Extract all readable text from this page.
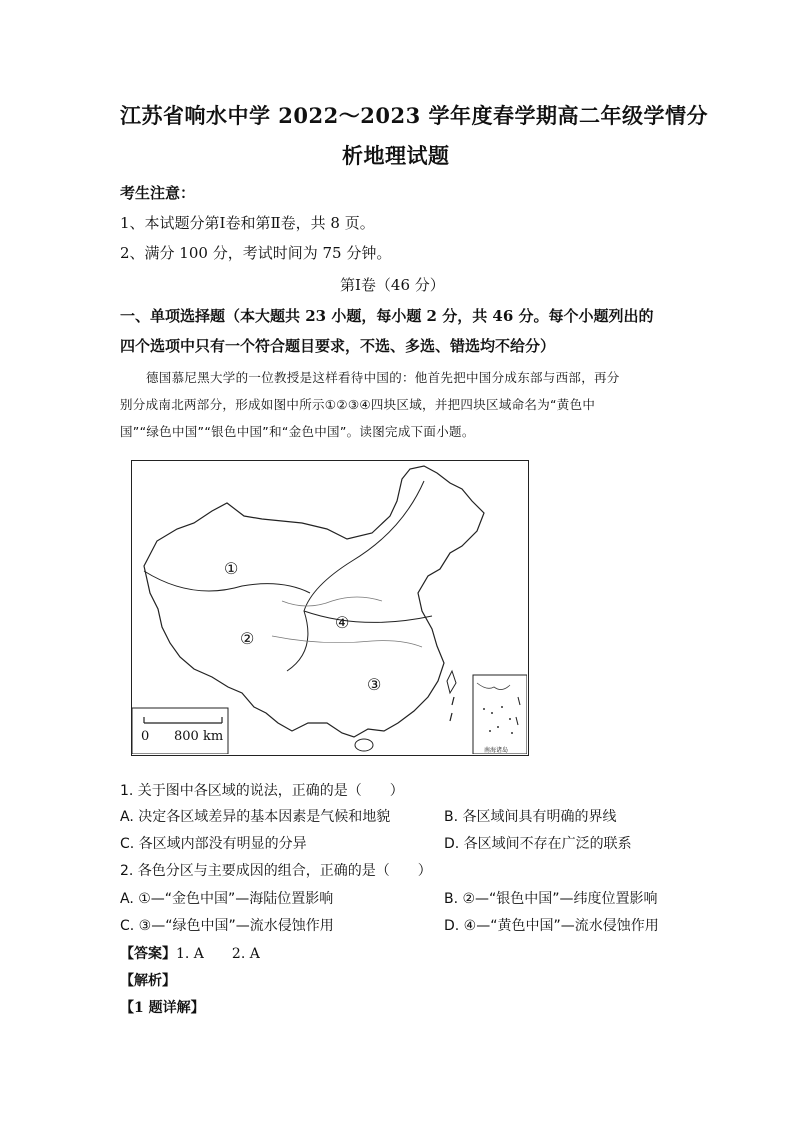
江苏省响水中学 2022～2023 学年度春学期高二年级学情分
析地理试题
考生注意：
1、本试题分第Ⅰ卷和第Ⅱ卷，共 8 页。
2、满分 100 分，考试时间为 75 分钟。
第Ⅰ卷（46 分）
一、单项选择题（本大题共 23 小题，每小题 2 分，共 46 分。每个小题列出的
四个选项中只有一个符合题目要求，不选、多选、错选均不给分）
德国慕尼黑大学的一位教授是这样看待中国的：他首先把中国分成东部与西部，再分
别分成南北两部分，形成如图中所示①②③④四块区域，并把四块区域命名为“黄色中
国”“绿色中国”“银色中国”和“金色中国”。读图完成下面小题。
①
②
③
④
0 800 km
南海诸岛
1. 关于图中各区域的说法，正确的是（　　）
A. 决定各区域差异的基本因素是气候和地貌	B. 各区域间具有明确的界线
C. 各区域内部没有明显的分异	D. 各区域间不存在广泛的联系
2. 各色分区与主要成因的组合，正确的是（　　）
A. ①—“金色中国”—海陆位置影响	B. ②—“银色中国”—纬度位置影响
C. ③—“绿色中国”—流水侵蚀作用	D. ④—“黄色中国”—流水侵蚀作用
【答案】1. A　　2. A
【解析】
【1 题详解】
